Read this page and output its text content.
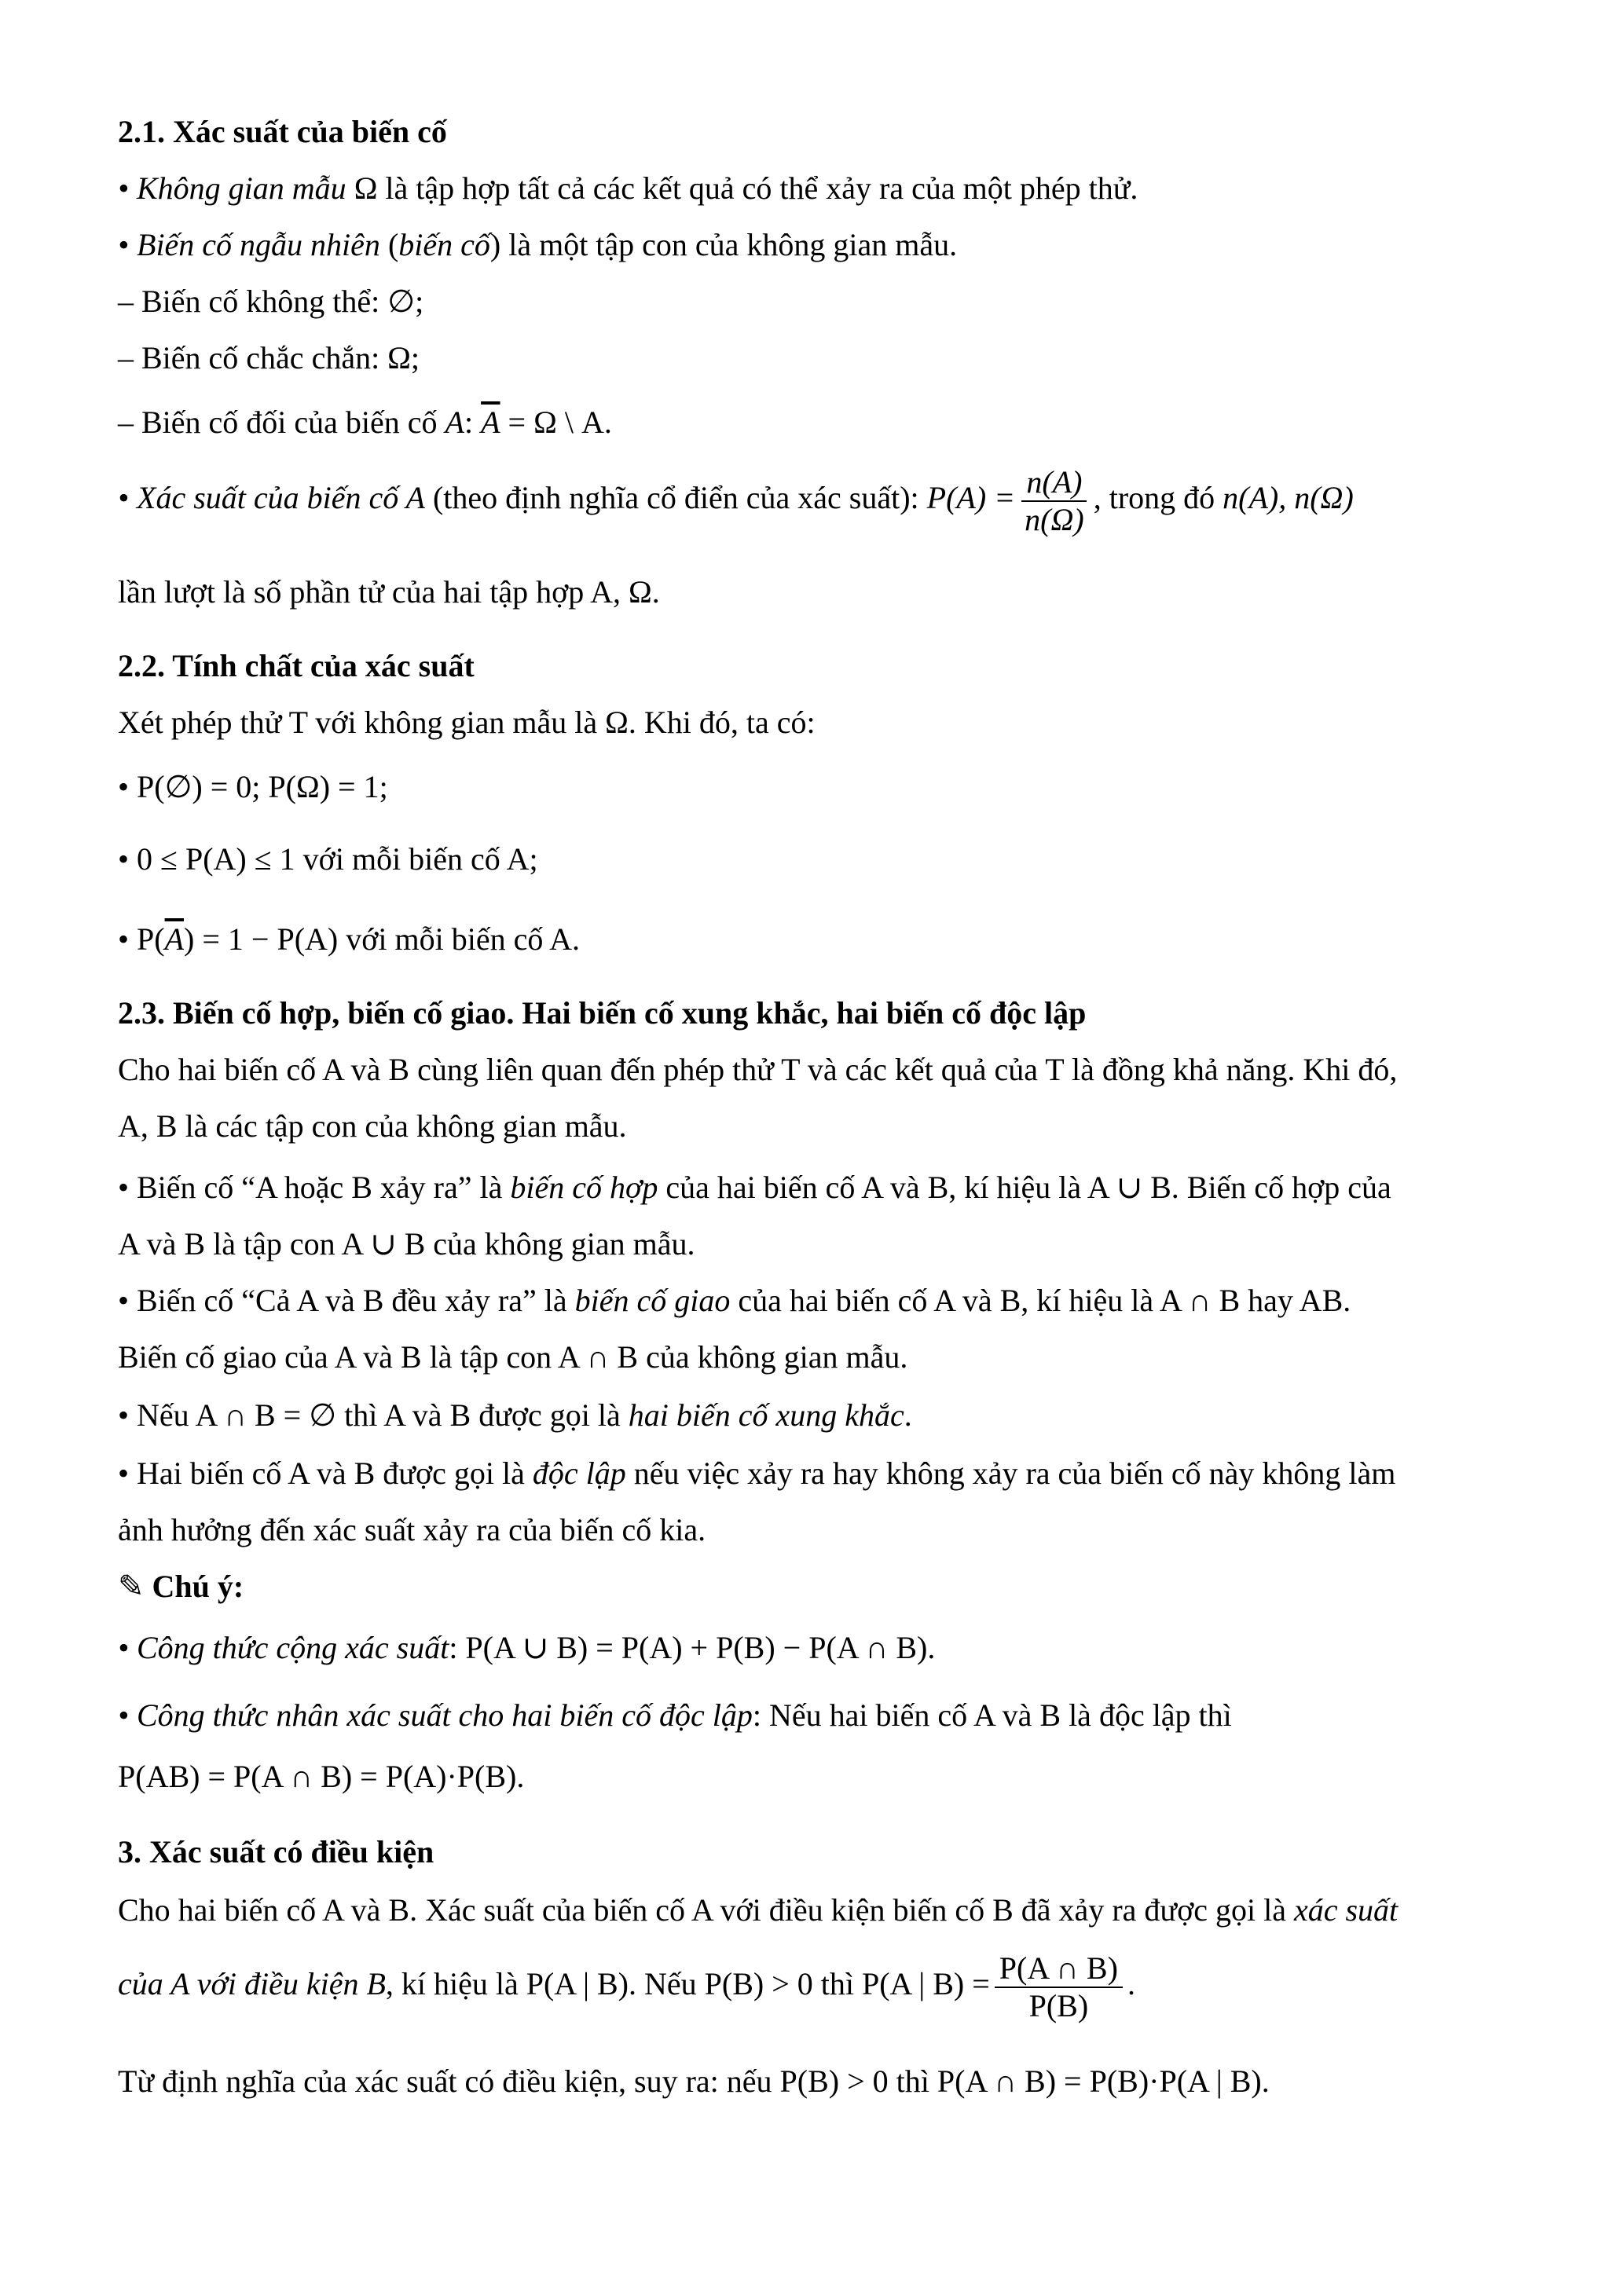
2.1. Xác suất của biến cố
• Không gian mẫu Ω là tập hợp tất cả các kết quả có thể xảy ra của một phép thử.
• Biến cố ngẫu nhiên (biến cố) là một tập con của không gian mẫu.
– Biến cố không thể: ∅;
– Biến cố chắc chắn: Ω;
– Biến cố đối của biến cố A: $\overline{A} = \Omega$ \ A.
• Xác suất của biến cố A (theo định nghĩa cổ điển của xác suất): $P(A) = \frac{n(A)}{n(\Omega)}$ , trong đó n(A), n(Ω)
lần lượt là số phần tử của hai tập hợp A, Ω.
2.2. Tính chất của xác suất
Xét phép thử T với không gian mẫu là Ω. Khi đó, ta có:
• P(∅) = 0; P(Ω) = 1;
• 0 ≤ P(A) ≤ 1 với mỗi biến cố A;
• $P(\overline{A}) = 1 - P(A)$ với mỗi biến cố A.
2.3. Biến cố hợp, biến cố giao. Hai biến cố xung khắc, hai biến cố độc lập
Cho hai biến cố A và B cùng liên quan đến phép thử T và các kết quả của T là đồng khả năng. Khi đó,
A, B là các tập con của không gian mẫu.
• Biến cố “A hoặc B xảy ra” là biến cố hợp của hai biến cố A và B, kí hiệu là A ∪ B. Biến cố hợp của
A và B là tập con A ∪ B của không gian mẫu.
• Biến cố “Cả A và B đều xảy ra” là biến cố giao của hai biến cố A và B, kí hiệu là A ∩ B hay AB.
Biến cố giao của A và B là tập con A ∩ B của không gian mẫu.
• Nếu A ∩ B = ∅ thì A và B được gọi là hai biến cố xung khắc.
• Hai biến cố A và B được gọi là độc lập nếu việc xảy ra hay không xảy ra của biến cố này không làm
ảnh hưởng đến xác suất xảy ra của biến cố kia.
✎ Chú ý:
• Công thức cộng xác suất: P(A ∪ B) = P(A) + P(B) − P(A ∩ B).
• Công thức nhân xác suất cho hai biến cố độc lập: Nếu hai biến cố A và B là độc lập thì
P(AB) = P(A ∩ B) = P(A)·P(B).
3. Xác suất có điều kiện
Cho hai biến cố A và B. Xác suất của biến cố A với điều kiện biến cố B đã xảy ra được gọi là xác suất
của A với điều kiện B, kí hiệu là P(A | B). Nếu P(B) > 0 thì P(A | $B) = \frac{P(A \cap B)}{P(B)}$ .
Từ định nghĩa của xác suất có điều kiện, suy ra: nếu P(B) > 0 thì P(A ∩ B) = P(B)·P(A | B).
